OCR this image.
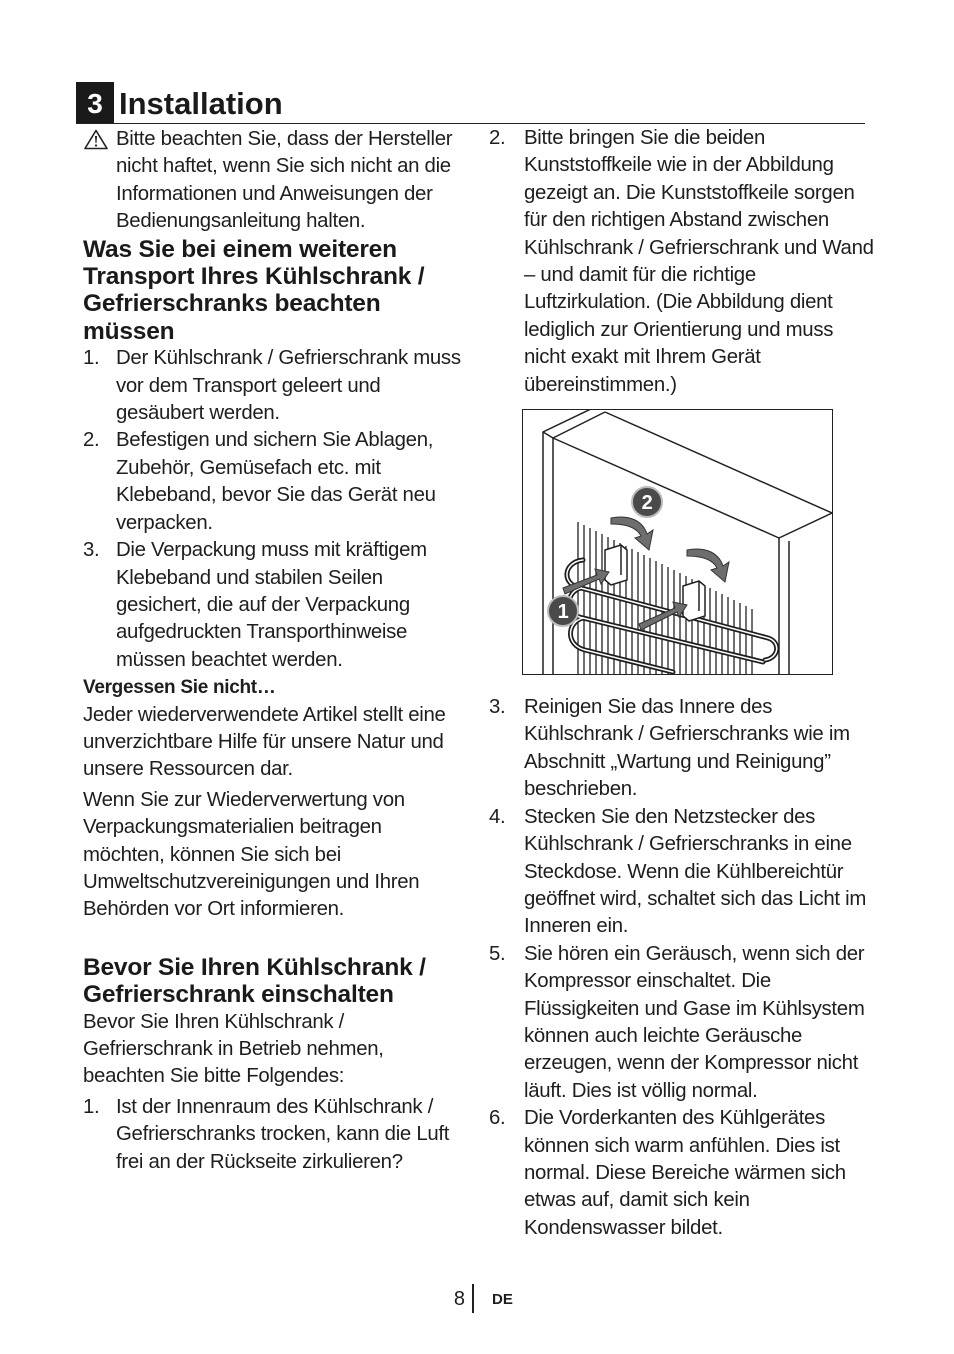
3 Installation
Bitte beachten Sie, dass der Hersteller nicht haftet, wenn Sie sich nicht an die Informationen und Anweisungen der Bedienungsanleitung halten.
Was Sie bei einem weiteren Transport Ihres Kühlschrank / Gefrierschranks beachten müssen
1. Der Kühlschrank / Gefrierschrank muss vor dem Transport geleert und gesäubert werden.
2. Befestigen und sichern Sie Ablagen, Zubehör, Gemüsefach etc. mit Klebeband, bevor Sie das Gerät neu verpacken.
3. Die Verpackung muss mit kräftigem Klebeband und stabilen Seilen gesichert, die auf der Verpackung aufgedruckten Transporthinweise müssen beachtet werden.

Vergessen Sie nicht…

Jeder wiederverwendete Artikel stellt eine unverzichtbare Hilfe für unsere Natur und unsere Ressourcen dar.

Wenn Sie zur Wiederverwertung von Verpackungsmaterialien beitragen möchten, können Sie sich bei Umweltschutzvereinigungen und Ihren Behörden vor Ort informieren.

Bevor Sie Ihren Kühlschrank / Gefrierschrank einschalten

Bevor Sie Ihren Kühlschrank / Gefrierschrank in Betrieb nehmen, beachten Sie bitte Folgendes:

1. Ist der Innenraum des Kühlschrank / Gefrierschranks trocken, kann die Luft frei an der Rückseite zirkulieren?
2. Bitte bringen Sie die beiden Kunststoffkeile wie in der Abbildung gezeigt an. Die Kunststoffkeile sorgen für den richtigen Abstand zwischen Kühlschrank / Gefrierschrank und Wand – und damit für die richtige Luftzirkulation. (Die Abbildung dient lediglich zur Orientierung und muss nicht exakt mit Ihrem Gerät übereinstimmen.)
2
1
3. Reinigen Sie das Innere des Kühlschrank / Gefrierschranks wie im Abschnitt „Wartung und Reinigung” beschrieben.
4. Stecken Sie den Netzstecker des Kühlschrank / Gefrierschranks in eine Steckdose. Wenn die Kühlbereichtür geöffnet wird, schaltet sich das Licht im Inneren ein.
5. Sie hören ein Geräusch, wenn sich der Kompressor einschaltet. Die Flüssigkeiten und Gase im Kühlsystem können auch leichte Geräusche erzeugen, wenn der Kompressor nicht läuft. Dies ist völlig normal.
6. Die Vorderkanten des Kühlgerätes können sich warm anfühlen. Dies ist normal. Diese Bereiche wärmen sich etwas auf, damit sich kein Kondenswasser bildet.
8 DE
